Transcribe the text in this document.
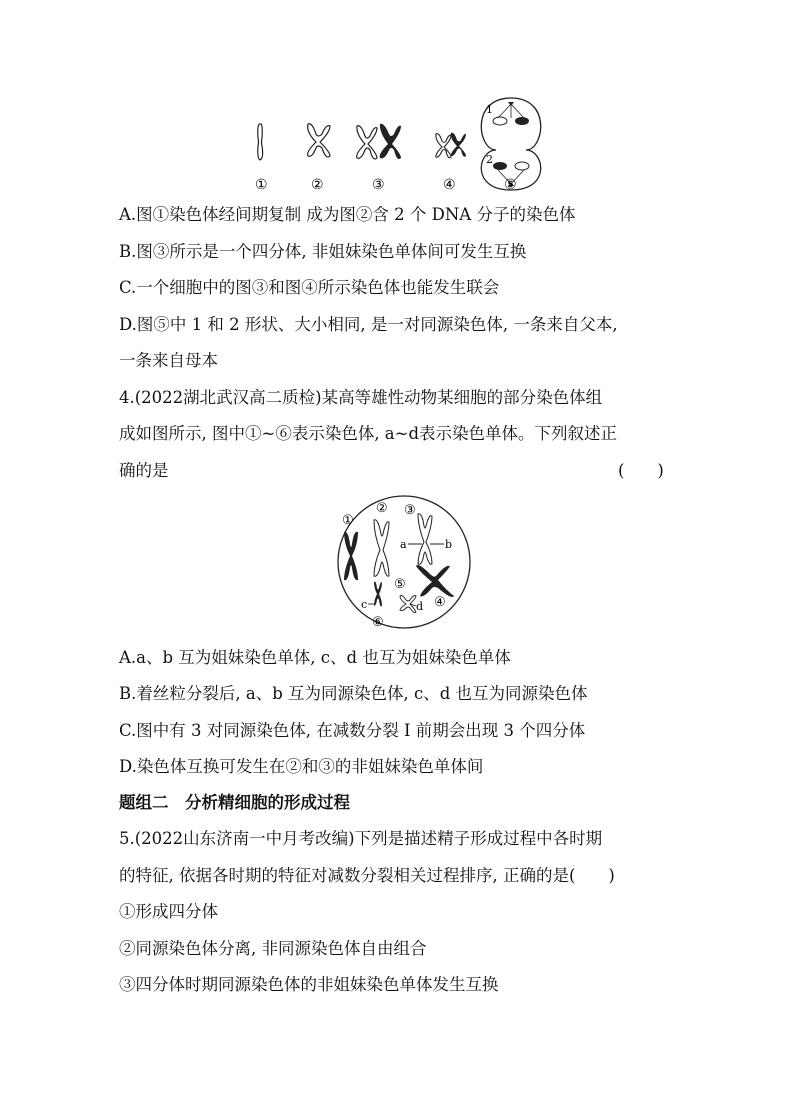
1
2
①	②	③	④	⑤
A.图①染色体经间期复制 成为图②含 2 个 DNA 分子的染色体
B.图③所示是一个四分体, 非姐妹染色单体间可发生互换
C.一个细胞中的图③和图④所示染色体也能发生联会
D.图⑤中 1 和 2 形状、大小相同, 是一对同源染色体, 一条来自父本,
一条来自母本
4.(2022湖北武汉高二质检)某高等雄性动物某细胞的部分染色体组
成如图所示, 图中①~⑥表示染色体, a~d表示染色单体。下列叙述正
确的是	(　　)
①
② ③
④
⑤
⑥
a	b
c	d
A.a、b 互为姐妹染色单体, c、d 也互为姐妹染色单体
B.着丝粒分裂后, a、b 互为同源染色体, c、d 也互为同源染色体
C.图中有 3 对同源染色体, 在减数分裂 Ⅰ 前期会出现 3 个四分体
D.染色体互换可发生在②和③的非姐妹染色单体间
题组二　分析精细胞的形成过程
5.(2022山东济南一中月考改编)下列是描述精子形成过程中各时期
的特征, 依据各时期的特征对减数分裂相关过程排序, 正确的是(　　)
①形成四分体
②同源染色体分离, 非同源染色体自由组合
③四分体时期同源染色体的非姐妹染色单体发生互换
